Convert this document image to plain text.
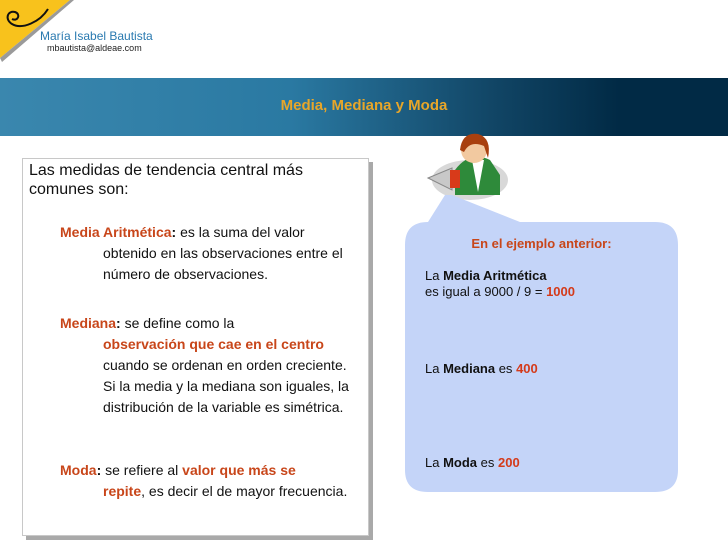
María Isabel Bautista
mbautista@aldeae.com
Media, Mediana y Moda
Las medidas de tendencia central más comunes son:
Media Aritmética: es la suma del valor
obtenido en las observaciones entre el número de observaciones.
Mediana: se define como la
observación que cae en el centro
cuando se ordenan en orden creciente. Si la media y la mediana son iguales, la distribución de la variable es simétrica.
Moda: se refiere al valor que más se
repite, es decir el de mayor frecuencia.
En el ejemplo anterior:
La Media Aritmética
es igual a 9000 / 9 = 1000
La Mediana es 400
La Moda es 200
